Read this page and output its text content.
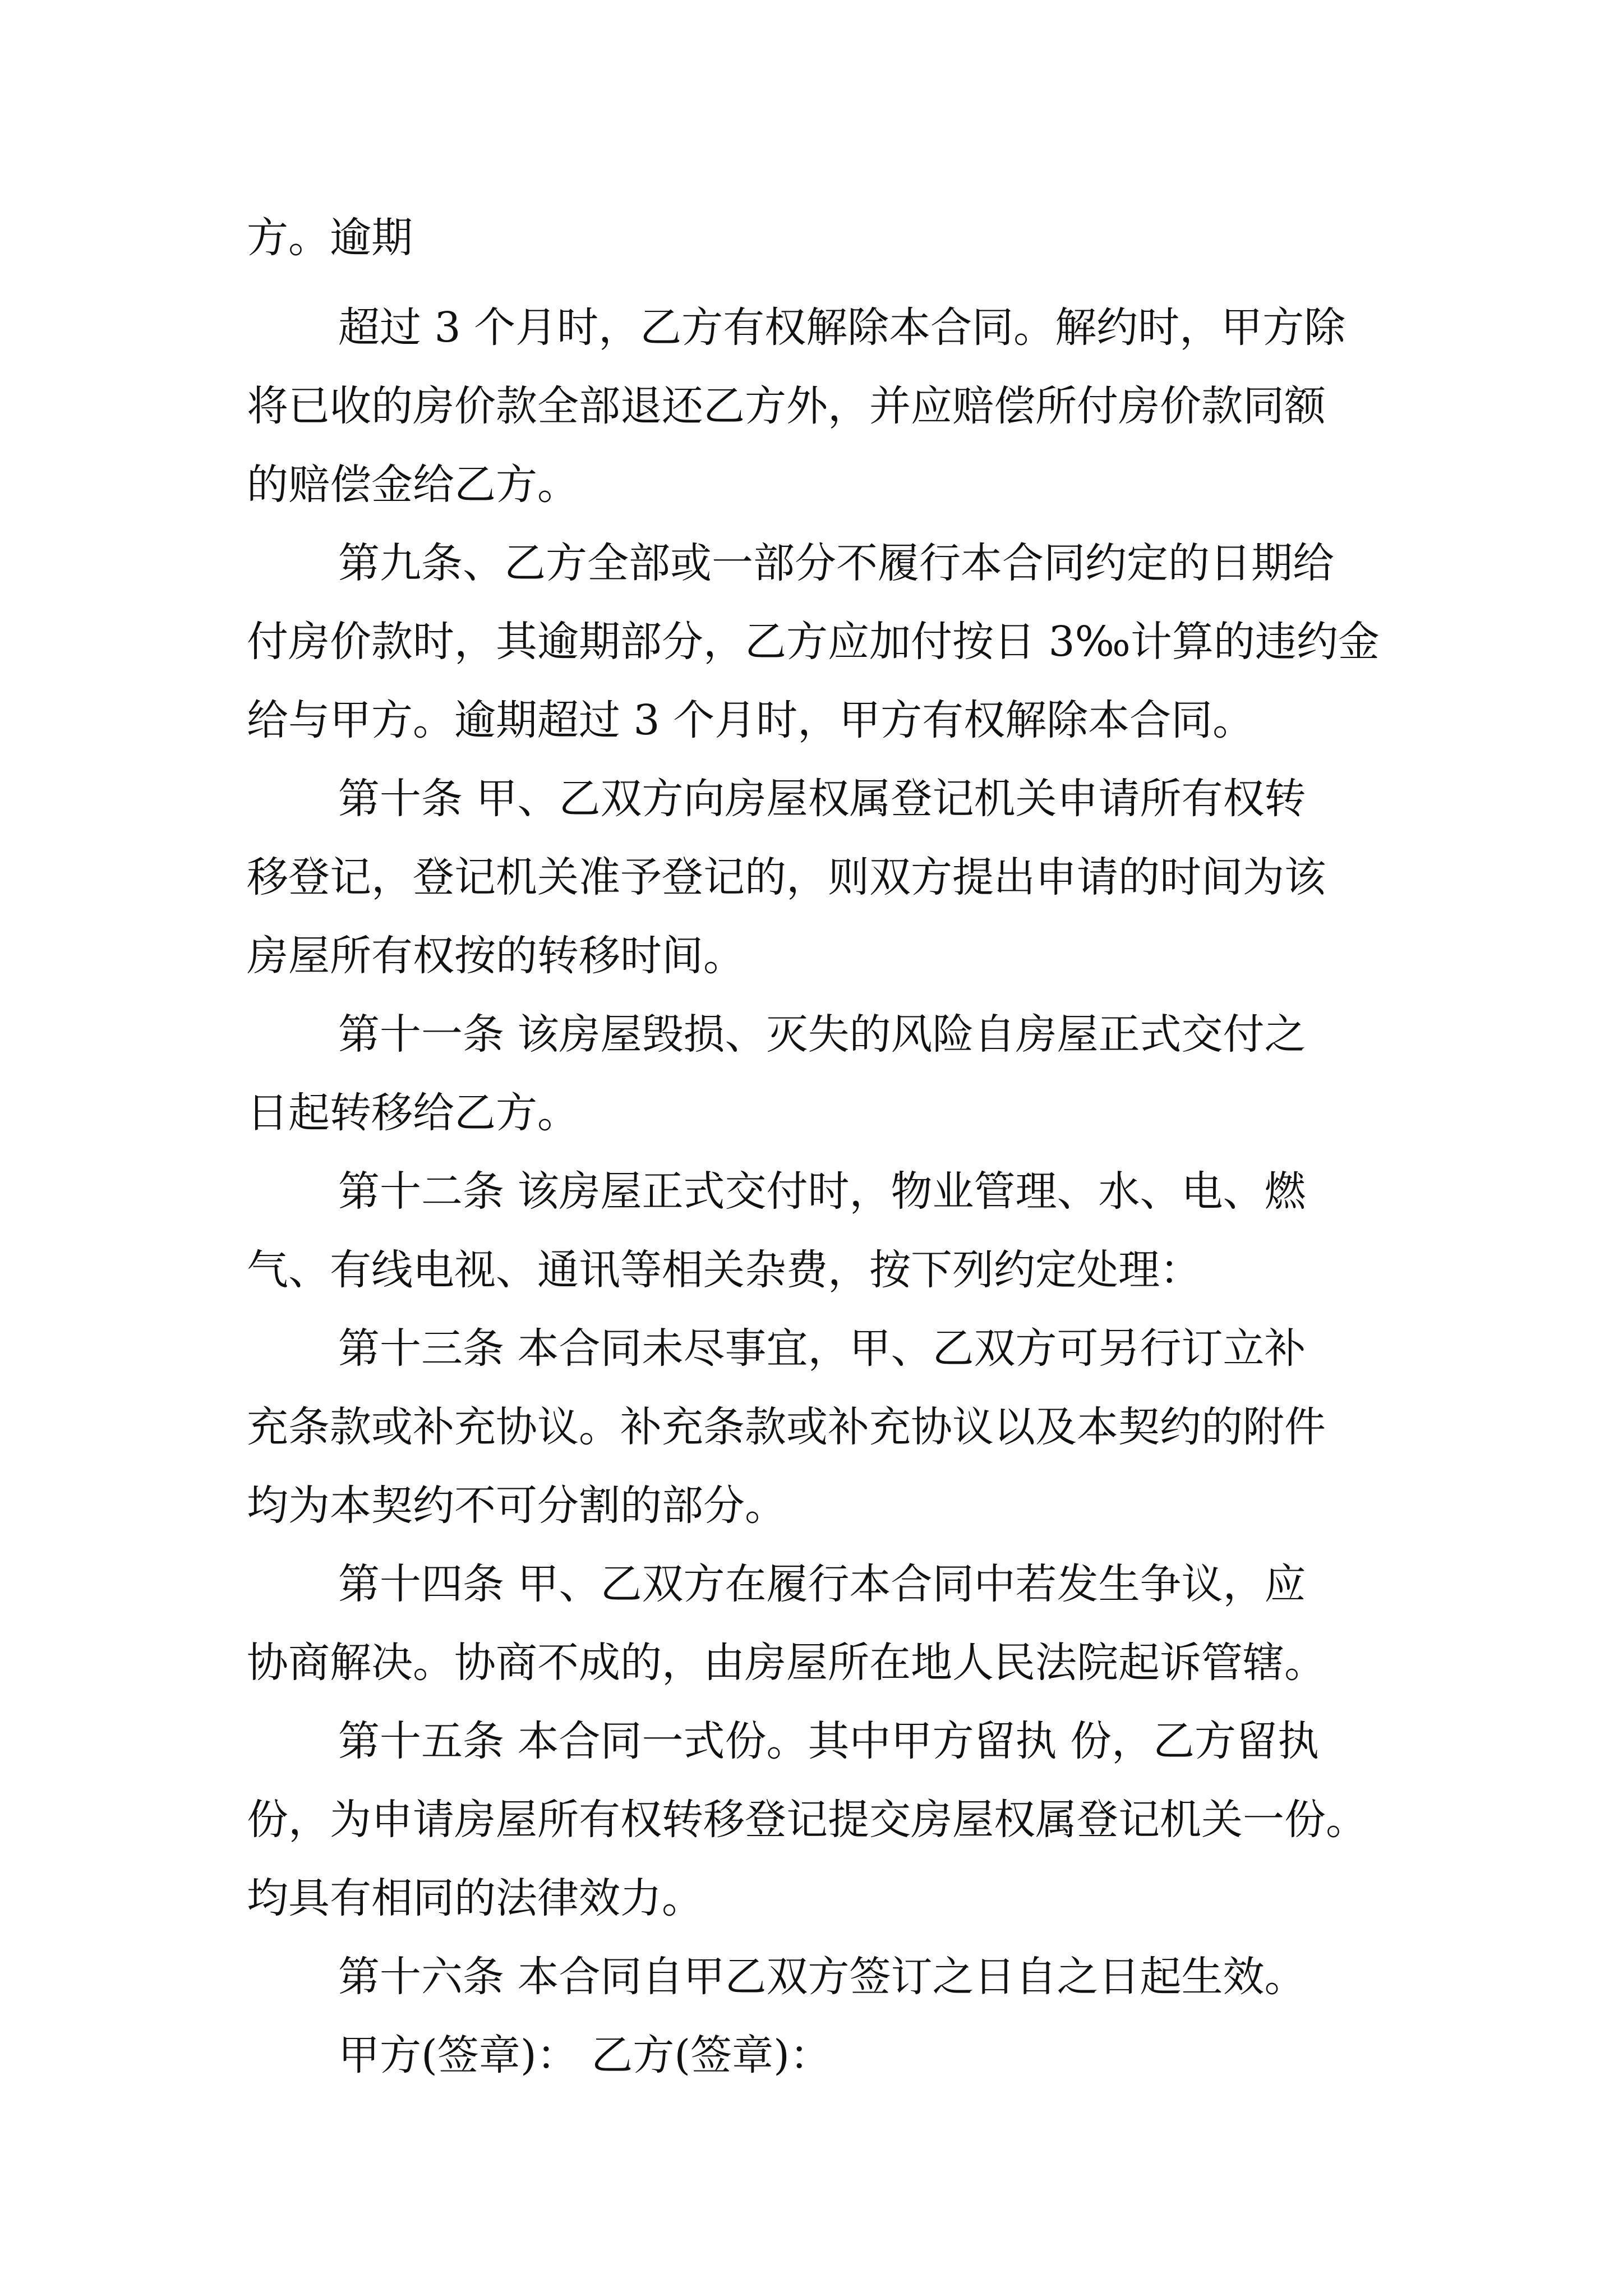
方。逾期
超过 3 个月时，乙方有权解除本合同。解约时，甲方除
将已收的房价款全部退还乙方外，并应赔偿所付房价款同额
的赔偿金给乙方。
第九条、乙方全部或一部分不履行本合同约定的日期给
付房价款时，其逾期部分，乙方应加付按日 3‰计算的违约金
给与甲方。逾期超过 3 个月时，甲方有权解除本合同。
第十条 甲、乙双方向房屋权属登记机关申请所有权转
移登记，登记机关准予登记的，则双方提出申请的时间为该
房屋所有权按的转移时间。
第十一条 该房屋毁损、灭失的风险自房屋正式交付之
日起转移给乙方。
第十二条 该房屋正式交付时，物业管理、水、电、燃
气、有线电视、通讯等相关杂费，按下列约定处理：
第十三条 本合同未尽事宜，甲、乙双方可另行订立补
充条款或补充协议。补充条款或补充协议以及本契约的附件
均为本契约不可分割的部分。
第十四条 甲、乙双方在履行本合同中若发生争议，应
协商解决。协商不成的，由房屋所在地人民法院起诉管辖。
第十五条 本合同一式份。其中甲方留执 份，乙方留执
份，为申请房屋所有权转移登记提交房屋权属登记机关一份。
均具有相同的法律效力。
第十六条 本合同自甲乙双方签订之日自之日起生效。
甲方(签章)： 乙方(签章)：
